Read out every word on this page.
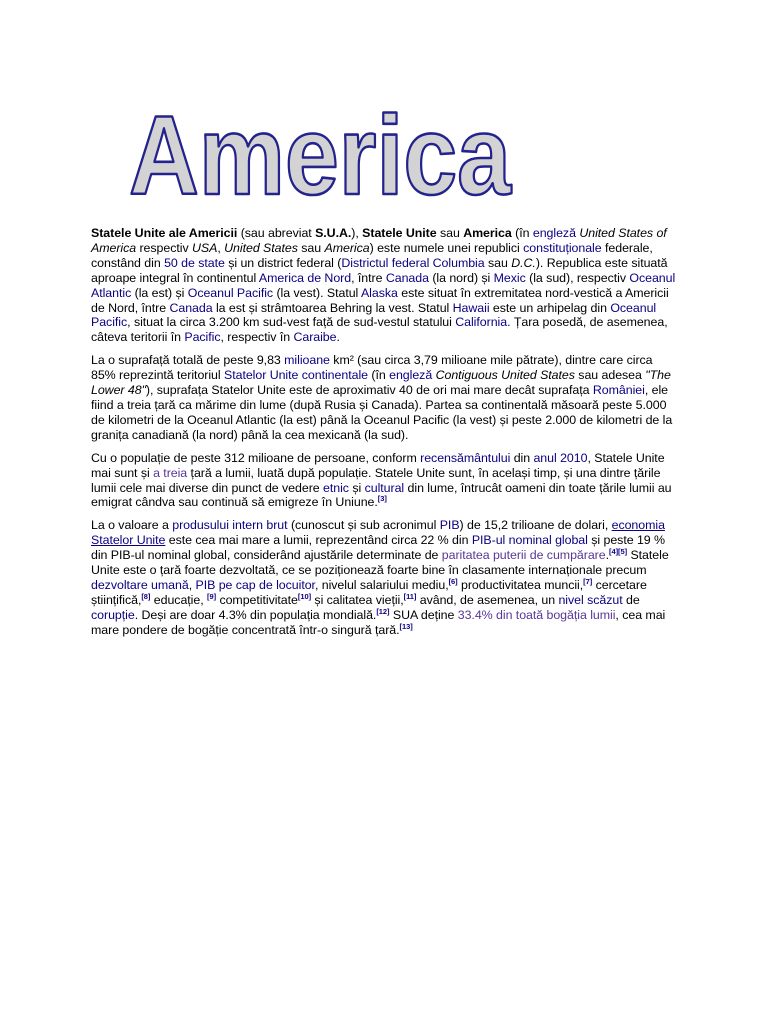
America

Statele Unite ale Americii (sau abreviat S.U.A.), Statele Unite sau America (în engleză United States of America respectiv USA, United States sau America) este numele unei republici constituționale federale, constând din 50 de state și un district federal (Districtul federal Columbia sau D.C.). Republica este situată aproape integral în continentul America de Nord, între Canada (la nord) și Mexic (la sud), respectiv Oceanul Atlantic (la est) și Oceanul Pacific (la vest). Statul Alaska este situat în extremitatea nord-vestică a Americii de Nord, între Canada la est și strâmtoarea Behring la vest. Statul Hawaii este un arhipelag din Oceanul Pacific, situat la circa 3.200 km sud-vest față de sud-vestul statului California. Țara posedă, de asemenea, câteva teritorii în Pacific, respectiv în Caraibe.

La o suprafață totală de peste 9,83 milioane km² (sau circa 3,79 milioane mile pătrate), dintre care circa 85% reprezintă teritoriul Statelor Unite continentale (în engleză Contiguous United States sau adesea "The Lower 48"), suprafața Statelor Unite este de aproximativ 40 de ori mai mare decât suprafața României, ele fiind a treia țară ca mărime din lume (după Rusia și Canada). Partea sa continentală măsoară peste 5.000 de kilometri de la Oceanul Atlantic (la est) până la Oceanul Pacific (la vest) și peste 2.000 de kilometri de la granița canadiană (la nord) până la cea mexicană (la sud).

Cu o populație de peste 312 milioane de persoane, conform recensământului din anul 2010, Statele Unite mai sunt și a treia țară a lumii, luată după populație. Statele Unite sunt, în același timp, și una dintre țările lumii cele mai diverse din punct de vedere etnic și cultural din lume, întrucât oameni din toate țările lumii au emigrat cândva sau continuă să emigreze în Uniune.[3]

La o valoare a produsului intern brut (cunoscut și sub acronimul PIB) de 15,2 trilioane de dolari, economia Statelor Unite este cea mai mare a lumii, reprezentând circa 22 % din PIB-ul nominal global și peste 19 % din PIB-ul nominal global, considerând ajustările determinate de paritatea puterii de cumpărare.[4][5] Statele Unite este o țară foarte dezvoltată, ce se poziționează foarte bine în clasamente internaționale precum dezvoltare umană, PIB pe cap de locuitor, nivelul salariului mediu,[6] productivitatea muncii,[7] cercetare științifică,[8] educație, [9] competitivitate[10] și calitatea vieții,[11] având, de asemenea, un nivel scăzut de corupție. Deși are doar 4.3% din populația mondială.[12] SUA deține 33.4% din toată bogăția lumii, cea mai mare pondere de bogăție concentrată într-o singură țară.[13]
